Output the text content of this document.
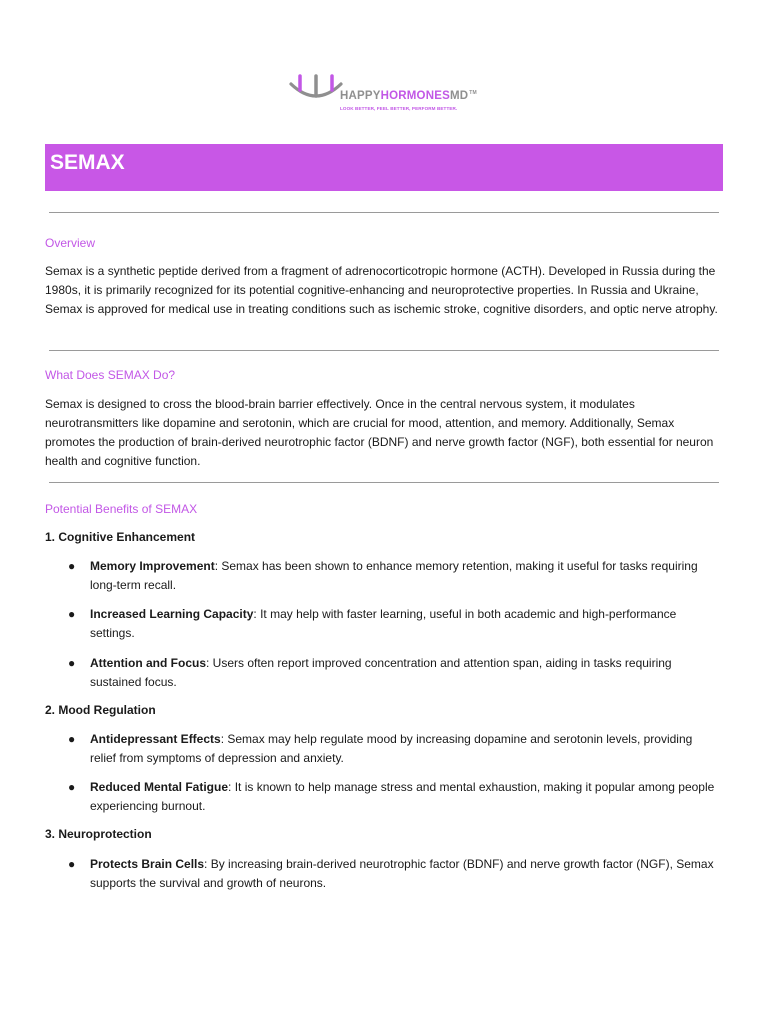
HAPPYHORMONESMD™
LOOK BETTER, FEEL BETTER, PERFORM BETTER.
SEMAX
Overview

Semax is a synthetic peptide derived from a fragment of adrenocorticotropic hormone (ACTH). Developed in Russia during the 1980s, it is primarily recognized for its potential cognitive-enhancing and neuroprotective properties. In Russia and Ukraine, Semax is approved for medical use in treating conditions such as ischemic stroke, cognitive disorders, and optic nerve atrophy.

What Does SEMAX Do?

Semax is designed to cross the blood-brain barrier effectively. Once in the central nervous system, it modulates neurotransmitters like dopamine and serotonin, which are crucial for mood, attention, and memory. Additionally, Semax promotes the production of brain-derived neurotrophic factor (BDNF) and nerve growth factor (NGF), both essential for neuron health and cognitive function.

Potential Benefits of SEMAX
1. Cognitive Enhancement
● Memory Improvement: Semax has been shown to enhance memory retention, making it useful for tasks requiring long-term recall.

● Increased Learning Capacity: It may help with faster learning, useful in both academic and high-performance settings.

● Attention and Focus: Users often report improved concentration and attention span, aiding in tasks requiring sustained focus.

2. Mood Regulation
● Antidepressant Effects: Semax may help regulate mood by increasing dopamine and serotonin levels, providing relief from symptoms of depression and anxiety.

● Reduced Mental Fatigue: It is known to help manage stress and mental exhaustion, making it popular among people experiencing burnout.

3. Neuroprotection
● Protects Brain Cells: By increasing brain-derived neurotrophic factor (BDNF) and nerve growth factor (NGF), Semax supports the survival and growth of neurons.
